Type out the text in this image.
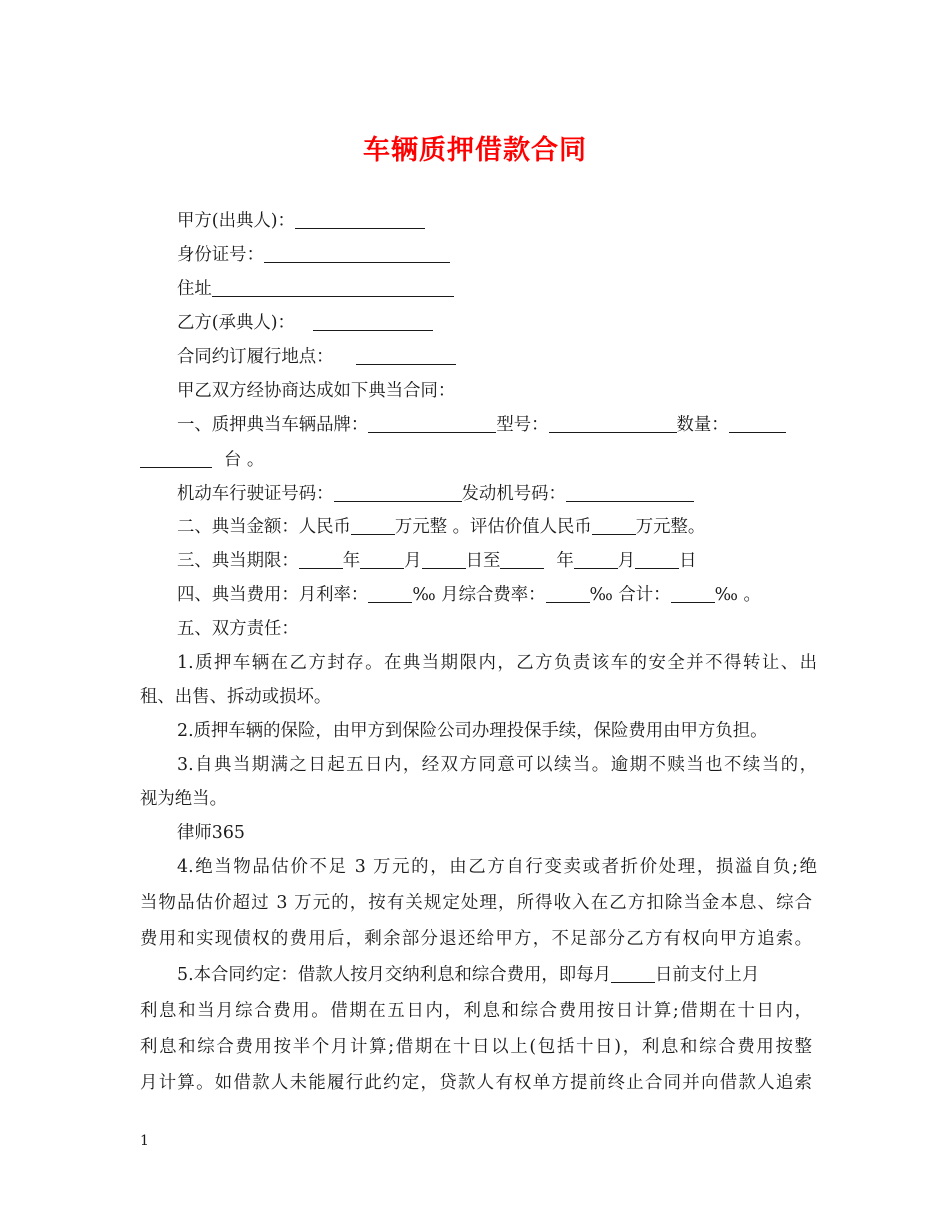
车辆质押借款合同
甲方(出典人)：
身份证号：
住址
乙方(承典人)：
合同约订履行地点：
甲乙双方经协商达成如下典当合同：
一、质押典当车辆品牌：	型号：	数量：
台 。
机动车行驶证号码：	发动机号码：
二、典当金额：人民币	万元整 。评估价值人民币	万元整。
三、典当期限：	年	月	日至	年	月	日
四、典当费用：月利率：	‰ 月综合费率：	‰ 合计：	‰ 。
五、双方责任：
1.质押车辆在乙方封存。在典当期限内，乙方负责该车的安全并不得转让、出
租、出售、拆动或损坏。
2.质押车辆的保险，由甲方到保险公司办理投保手续，保险费用由甲方负担。
3.自典当期满之日起五日内，经双方同意可以续当。逾期不赎当也不续当的，
视为绝当。
律师365
4.绝当物品估价不足 3 万元的，由乙方自行变卖或者折价处理，损溢自负;绝
当物品估价超过 3 万元的，按有关规定处理，所得收入在乙方扣除当金本息、综合
费用和实现债权的费用后，剩余部分退还给甲方，不足部分乙方有权向甲方追索。
5.本合同约定：借款人按月交纳利息和综合费用，即每月	日前支付上月
利息和当月综合费用。借期在五日内，利息和综合费用按日计算;借期在十日内，
利息和综合费用按半个月计算;借期在十日以上(包括十日)，利息和综合费用按整
月计算。如借款人未能履行此约定，贷款人有权单方提前终止合同并向借款人追索
1
